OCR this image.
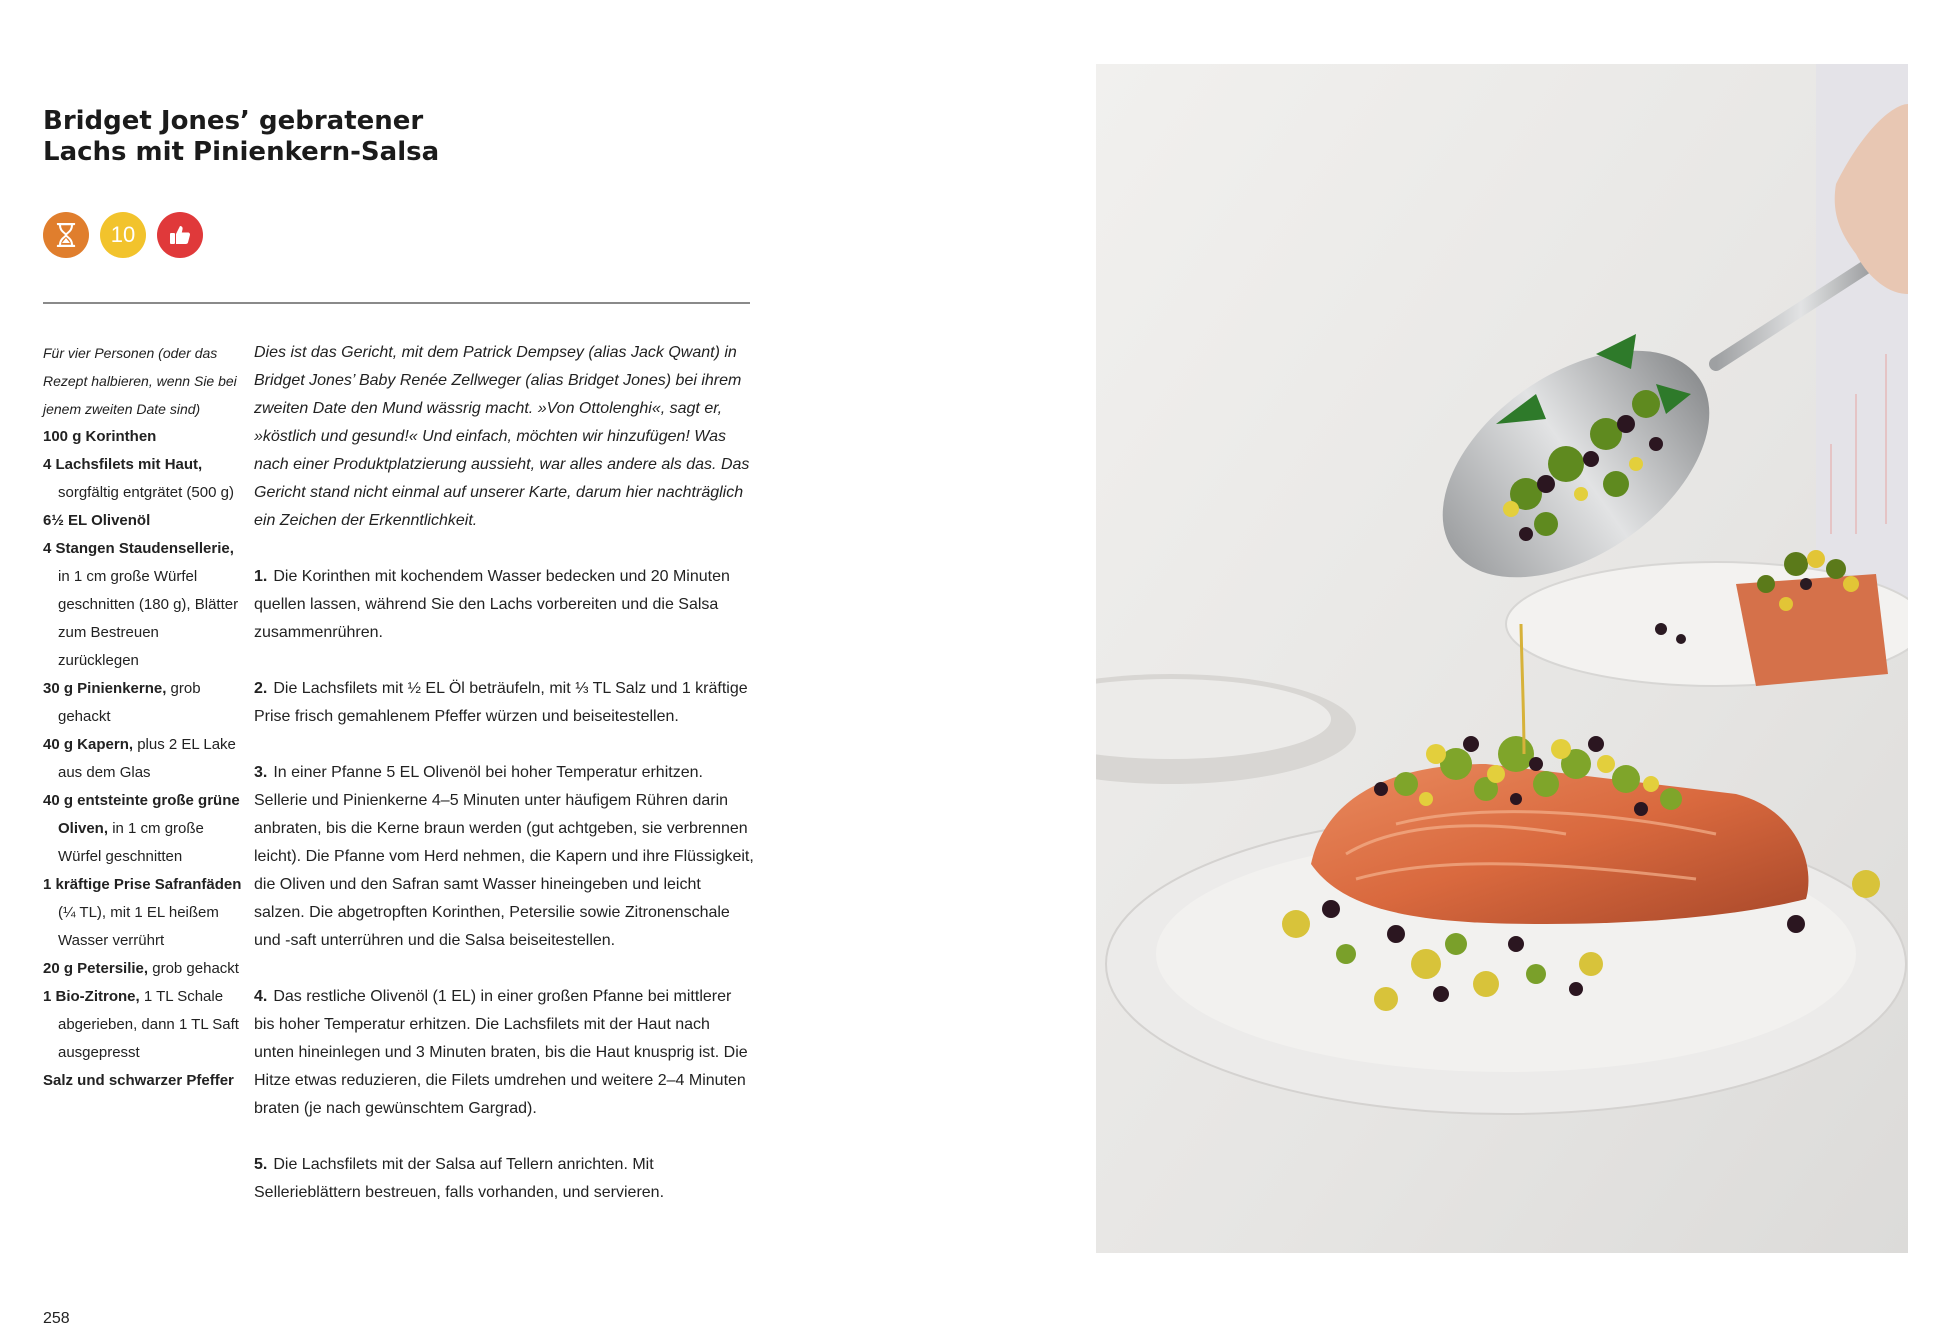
Bridget Jones’ gebratener
Lachs mit Pinienkern-Salsa
10
Für vier Personen (oder das Rezept halbieren, wenn Sie bei jenem zweiten Date sind)
100 g Korinthen
4 Lachsfilets mit Haut, sorgfältig entgrätet (500 g)
6½ EL Olivenöl
4 Stangen Staudensellerie, in 1 cm große Würfel geschnitten (180 g), Blätter zum Bestreuen zurücklegen
30 g Pinienkerne, grob gehackt
40 g Kapern, plus 2 EL Lake aus dem Glas
40 g entsteinte große grüne Oliven, in 1 cm große Würfel geschnitten
1 kräftige Prise Safranfäden (¼ TL), mit 1 EL heißem Wasser verrührt
20 g Petersilie, grob gehackt
1 Bio-Zitrone, 1 TL Schale abgerieben, dann 1 TL Saft ausgepresst
Salz und schwarzer Pfeffer

Dies ist das Gericht, mit dem Patrick Dempsey (alias Jack Qwant) in Bridget Jones’ Baby Renée Zellweger (alias Bridget Jones) bei ihrem zweiten Date den Mund wässrig macht. »Von Ottolenghi«, sagt er, »köstlich und gesund!« Und einfach, möchten wir hinzufügen! Was nach einer Produktplatzierung aussieht, war alles andere als das. Das Gericht stand nicht einmal auf unserer Karte, darum hier nachträglich ein Zeichen der Erkenntlichkeit.

1. Die Korinthen mit kochendem Wasser bedecken und 20 Minuten quellen lassen, während Sie den Lachs vorbereiten und die Salsa zusammenrühren.

2. Die Lachsfilets mit ½ EL Öl beträufeln, mit ⅓ TL Salz und 1 kräftige Prise frisch gemahlenem Pfeffer würzen und beiseitestellen.

3. In einer Pfanne 5 EL Olivenöl bei hoher Temperatur erhitzen. Sellerie und Pinienkerne 4–5 Minuten unter häufigem Rühren darin anbraten, bis die Kerne braun werden (gut achtgeben, sie verbrennen leicht). Die Pfanne vom Herd nehmen, die Kapern und ihre Flüssigkeit, die Oliven und den Safran samt Wasser hineingeben und leicht salzen. Die abgetropften Korinthen, Petersilie sowie Zitronenschale und -saft unterrühren und die Salsa beiseitestellen.

4. Das restliche Olivenöl (1 EL) in einer großen Pfanne bei mittlerer bis hoher Temperatur erhitzen. Die Lachsfilets mit der Haut nach unten hineinlegen und 3 Minuten braten, bis die Haut knusprig ist. Die Hitze etwas reduzieren, die Filets umdrehen und weitere 2–4 Minuten braten (je nach gewünschtem Gargrad).

5. Die Lachsfilets mit der Salsa auf Tellern anrichten. Mit Sellerieblättern bestreuen, falls vorhanden, und servieren.

258
